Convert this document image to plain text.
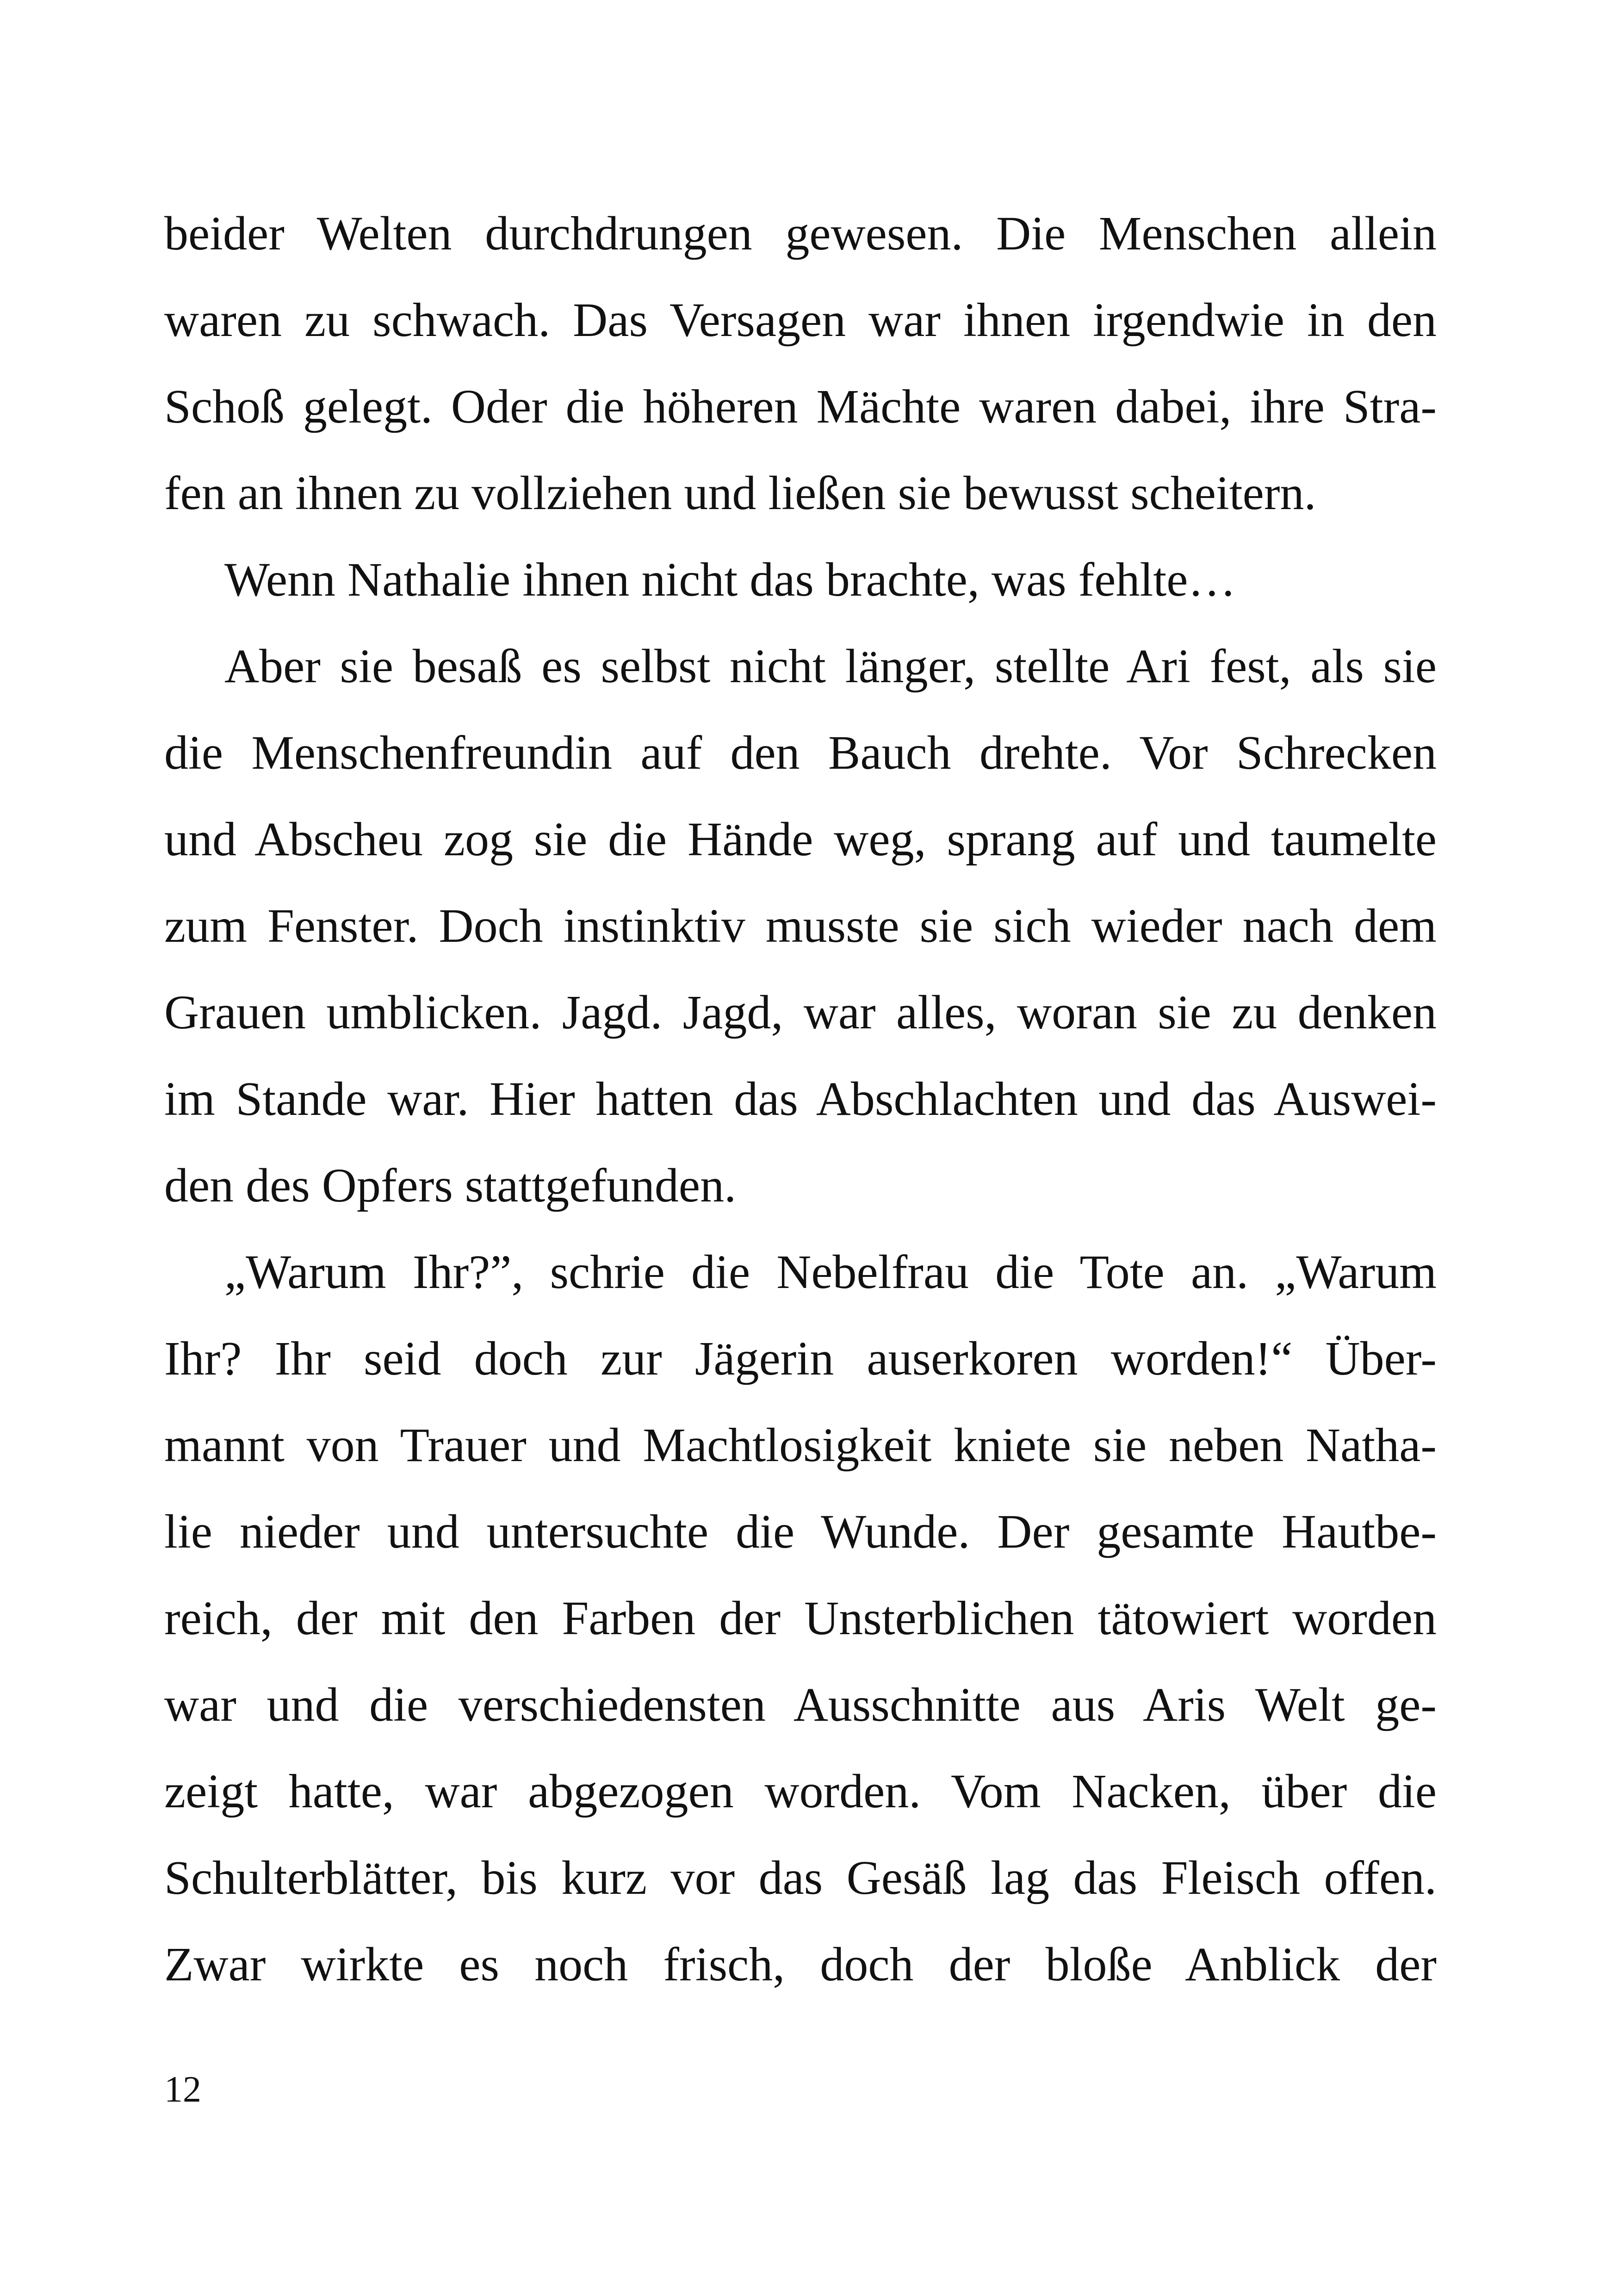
beider Welten durchdrungen gewesen. Die Menschen allein
waren zu schwach. Das Versagen war ihnen irgendwie in den
Schoß gelegt. Oder die höheren Mächte waren dabei, ihre Stra-
fen an ihnen zu vollziehen und ließen sie bewusst scheitern.
Wenn Nathalie ihnen nicht das brachte, was fehlte…
Aber sie besaß es selbst nicht länger, stellte Ari fest, als sie
die Menschenfreundin auf den Bauch drehte. Vor Schrecken
und Abscheu zog sie die Hände weg, sprang auf und taumelte
zum Fenster. Doch instinktiv musste sie sich wieder nach dem
Grauen umblicken. Jagd. Jagd, war alles, woran sie zu denken
im Stande war. Hier hatten das Abschlachten und das Auswei-
den des Opfers stattgefunden.
„Warum Ihr?”, schrie die Nebelfrau die Tote an. „Warum
Ihr? Ihr seid doch zur Jägerin auserkoren worden!“ Über-
mannt von Trauer und Machtlosigkeit kniete sie neben Natha-
lie nieder und untersuchte die Wunde. Der gesamte Hautbe-
reich, der mit den Farben der Unsterblichen tätowiert worden
war und die verschiedensten Ausschnitte aus Aris Welt ge-
zeigt hatte, war abgezogen worden. Vom Nacken, über die
Schulterblätter, bis kurz vor das Gesäß lag das Fleisch offen.
Zwar wirkte es noch frisch, doch der bloße Anblick der
12
